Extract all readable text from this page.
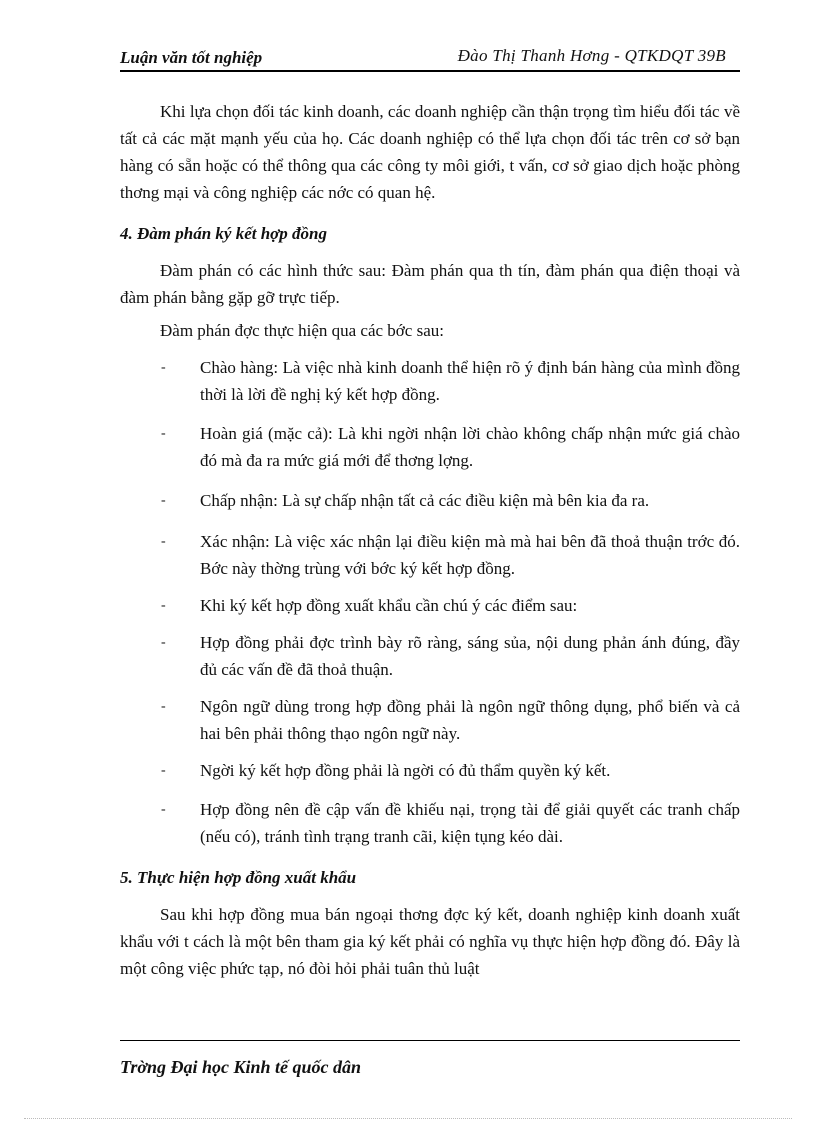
Luận văn tốt nghiệp	Đào Thị Thanh Hơng - QTKDQT 39B

Khi lựa chọn đối tác kinh doanh, các doanh nghiệp cần thận trọng tìm hiểu đối tác về tất cả các mặt mạnh yếu của họ. Các doanh nghiệp có thể lựa chọn đối tác trên cơ sở bạn hàng có sẵn hoặc có thể thông qua các công ty môi giới, t vấn, cơ sở giao dịch hoặc phòng thơng mại và công nghiệp các nớc có quan hệ.

4. Đàm phán ký kết hợp đồng

Đàm phán có các hình thức sau: Đàm phán qua th tín, đàm phán qua điện thoại và đàm phán bằng gặp gỡ trực tiếp.

Đàm phán đợc thực hiện qua các bớc sau:

- Chào hàng: Là việc nhà kinh doanh thể hiện rõ ý định bán hàng của mình đồng thời là lời đề nghị ký kết hợp đồng.
- Hoàn giá (mặc cả): Là khi ngời nhận lời chào không chấp nhận mức giá chào đó mà đa ra mức giá mới để thơng lợng.
- Chấp nhận: Là sự chấp nhận tất cả các điều kiện mà bên kia đa ra.
- Xác nhận: Là việc xác nhận lại điều kiện mà mà hai bên đã thoả thuận trớc đó. Bớc này thờng trùng với bớc ký kết hợp đồng.
- Khi ký kết hợp đồng xuất khẩu cần chú ý các điểm sau:
- Hợp đồng phải đợc trình bày rõ ràng, sáng sủa, nội dung phản ánh đúng, đầy đủ các vấn đề đã thoả thuận.
- Ngôn ngữ dùng trong hợp đồng phải là ngôn ngữ thông dụng, phổ biến và cả hai bên phải thông thạo ngôn ngữ này.
- Ngời ký kết hợp đồng phải là ngời có đủ thẩm quyền ký kết.
- Hợp đồng nên đề cập vấn đề khiếu nại, trọng tài để giải quyết các tranh chấp (nếu có), tránh tình trạng tranh cãi, kiện tụng kéo dài.
5. Thực hiện hợp đồng xuất khẩu

Sau khi hợp đồng mua bán ngoại thơng đợc ký kết, doanh nghiệp kinh doanh xuất khẩu với t cách là một bên tham gia ký kết phải có nghĩa vụ thực hiện hợp đồng đó. Đây là một công việc phức tạp, nó đòi hỏi phải tuân thủ luật

Trờng Đại học Kinh tế quốc dân
